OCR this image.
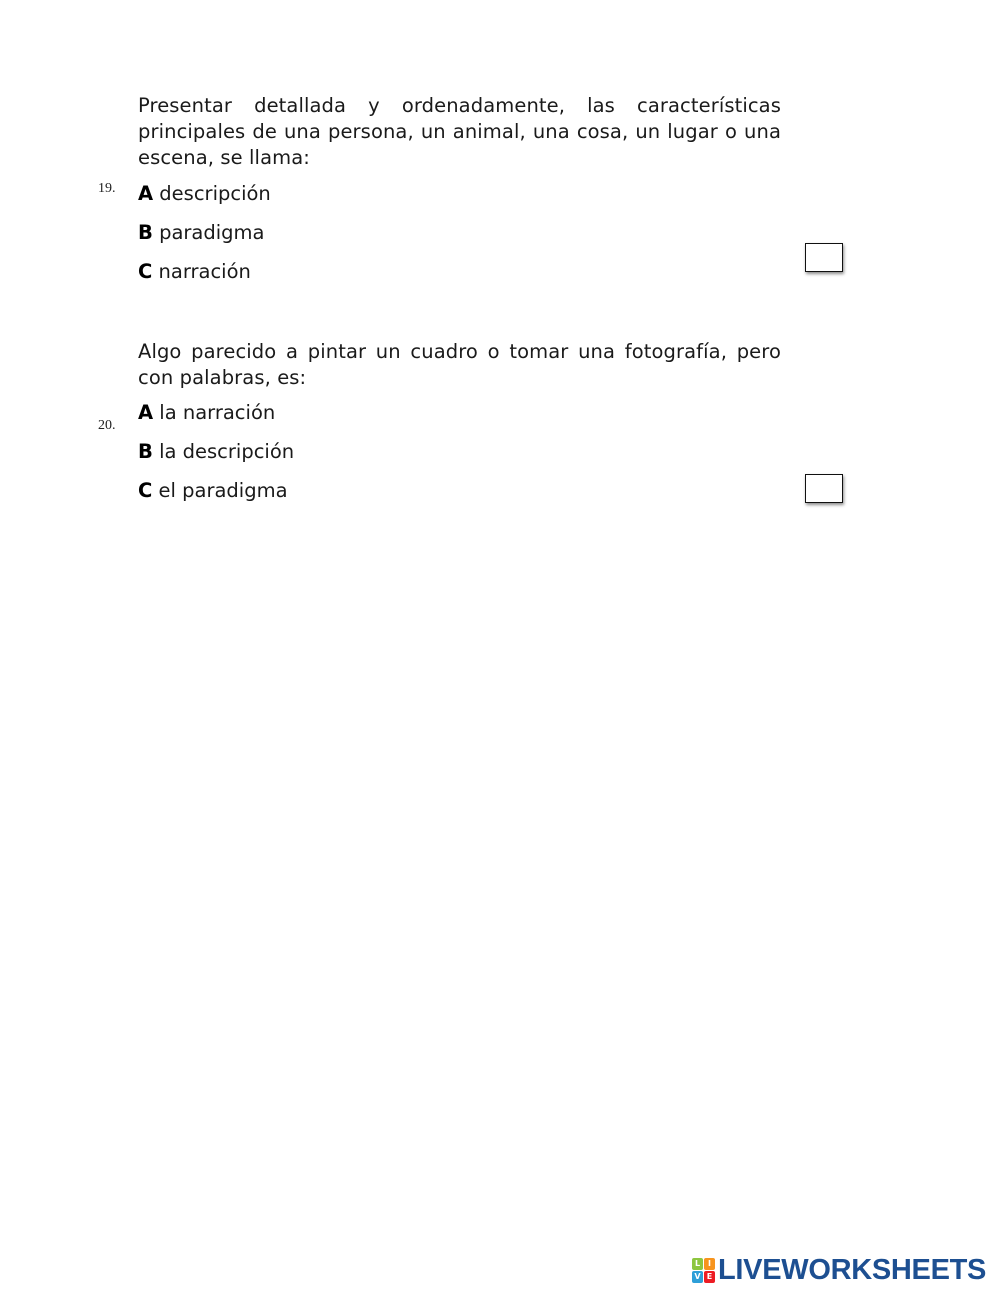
Presentar detallada y ordenadamente, las características principales de una persona, un animal, una cosa, un lugar o una escena, se llama:
19. A descripción
B paradigma
C narración
Algo parecido a pintar un cuadro o tomar una fotografía, pero con palabras, es:
20.
A la narración
B la descripción
C el paradigma
L I
V E LIVEWORKSHEETS
